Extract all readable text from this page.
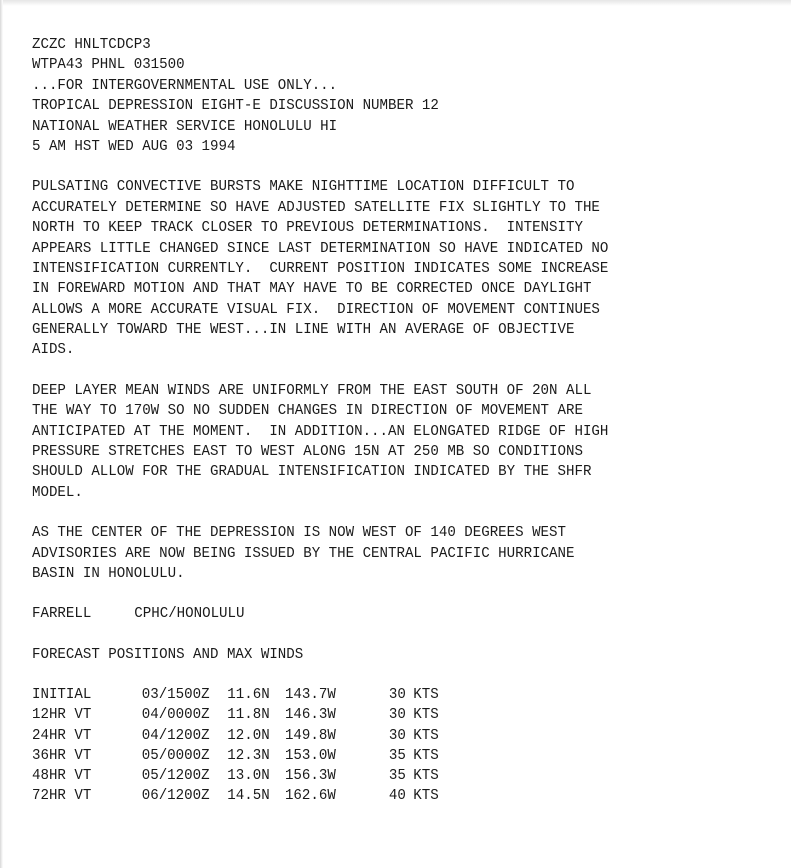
ZCZC HNLTCDCP3
WTPA43 PHNL 031500
...FOR INTERGOVERNMENTAL USE ONLY...
TROPICAL DEPRESSION EIGHT-E DISCUSSION NUMBER 12
NATIONAL WEATHER SERVICE HONOLULU HI
5 AM HST WED AUG 03 1994
PULSATING CONVECTIVE BURSTS MAKE NIGHTTIME LOCATION DIFFICULT TO
ACCURATELY DETERMINE SO HAVE ADJUSTED SATELLITE FIX SLIGHTLY TO THE
NORTH TO KEEP TRACK CLOSER TO PREVIOUS DETERMINATIONS.  INTENSITY
APPEARS LITTLE CHANGED SINCE LAST DETERMINATION SO HAVE INDICATED NO
INTENSIFICATION CURRENTLY.  CURRENT POSITION INDICATES SOME INCREASE
IN FOREWARD MOTION AND THAT MAY HAVE TO BE CORRECTED ONCE DAYLIGHT
ALLOWS A MORE ACCURATE VISUAL FIX.  DIRECTION OF MOVEMENT CONTINUES
GENERALLY TOWARD THE WEST...IN LINE WITH AN AVERAGE OF OBJECTIVE
AIDS.
DEEP LAYER MEAN WINDS ARE UNIFORMLY FROM THE EAST SOUTH OF 20N ALL
THE WAY TO 170W SO NO SUDDEN CHANGES IN DIRECTION OF MOVEMENT ARE
ANTICIPATED AT THE MOMENT.  IN ADDITION...AN ELONGATED RIDGE OF HIGH
PRESSURE STRETCHES EAST TO WEST ALONG 15N AT 250 MB SO CONDITIONS
SHOULD ALLOW FOR THE GRADUAL INTENSIFICATION INDICATED BY THE SHFR
MODEL.
AS THE CENTER OF THE DEPRESSION IS NOW WEST OF 140 DEGREES WEST
ADVISORIES ARE NOW BEING ISSUED BY THE CENTRAL PACIFIC HURRICANE
BASIN IN HONOLULU.
FARRELL	CPHC/HONOLULU
FORECAST POSITIONS AND MAX WINDS
INITIAL	03/1500Z	11.6N	143.7W	30 KTS
12HR VT	04/0000Z	11.8N	146.3W	30 KTS
24HR VT	04/1200Z	12.0N	149.8W	30 KTS
36HR VT	05/0000Z	12.3N	153.0W	35 KTS
48HR VT	05/1200Z	13.0N	156.3W	35 KTS
72HR VT	06/1200Z	14.5N	162.6W	40 KTS
